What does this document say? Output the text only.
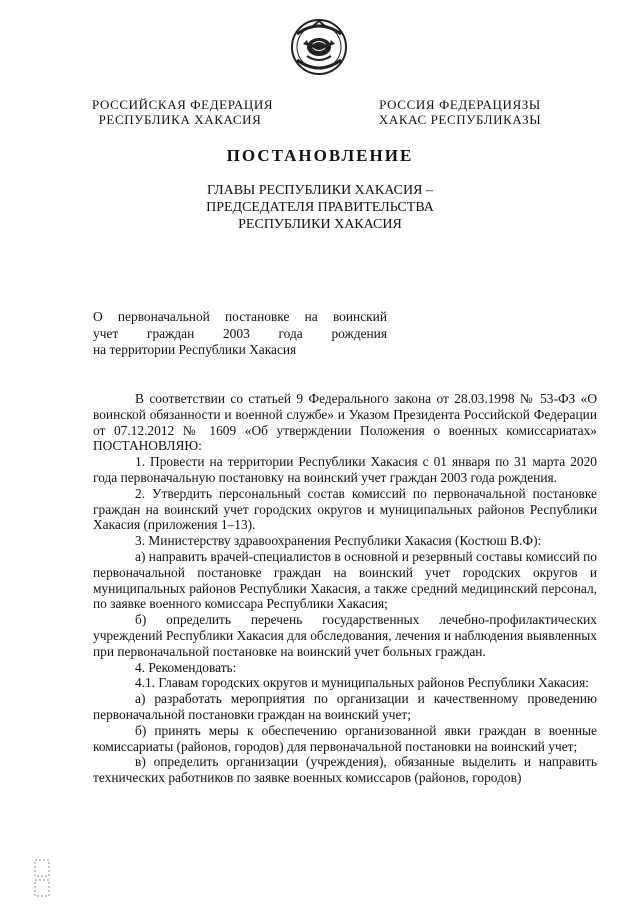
РОССИЙСКАЯ ФЕДЕРАЦИЯ
РЕСПУБЛИКА ХАКАСИЯ
РОССИЯ ФЕДЕРАЦИЯЗЫ
ХАКАС РЕСПУБЛИКАЗЫ
ПОСТАНОВЛЕНИЕ
ГЛАВЫ РЕСПУБЛИКИ ХАКАСИЯ –
ПРЕДСЕДАТЕЛЯ ПРАВИТЕЛЬСТВА
РЕСПУБЛИКИ ХАКАСИЯ
О первоначальной постановке на воинский
учет граждан 2003 года рождения
на территории Республики Хакасия

В соответствии со статьей 9 Федерального закона от 28.03.1998 № 53-ФЗ «О воинской обязанности и военной службе» и Указом Президента Российской Федерации от 07.12.2012 № 1609 «Об утверждении Положения о военных комиссариатах» ПОСТАНОВЛЯЮ:

1. Провести на территории Республики Хакасия с 01 января по 31 марта 2020 года первоначальную постановку на воинский учет граждан 2003 года рождения.

2. Утвердить персональный состав комиссий по первоначальной постановке граждан на воинский учет городских округов и муниципальных районов Республики Хакасия (приложения 1–13).

3. Министерству здравоохранения Республики Хакасия (Костюш В.Ф):

а) направить врачей-специалистов в основной и резервный составы комиссий по первоначальной постановке граждан на воинский учет городских округов и муниципальных районов Республики Хакасия, а также средний медицинский персонал, по заявке военного комиссара Республики Хакасия;

б) определить перечень государственных лечебно-профилактических учреждений Республики Хакасия для обследования, лечения и наблюдения выявленных при первоначальной постановке на воинский учет больных граждан.

4. Рекомендовать:

4.1. Главам городских округов и муниципальных районов Республики Хакасия:

а) разработать мероприятия по организации и качественному проведению первоначальной постановки граждан на воинский учет;

б) принять меры к обеспечению организованной явки граждан в военные комиссариаты (районов, городов) для первоначальной постановки на воинский учет;

в) определить организации (учреждения), обязанные выделить и направить технических работников по заявке военных комиссаров (районов, городов)
